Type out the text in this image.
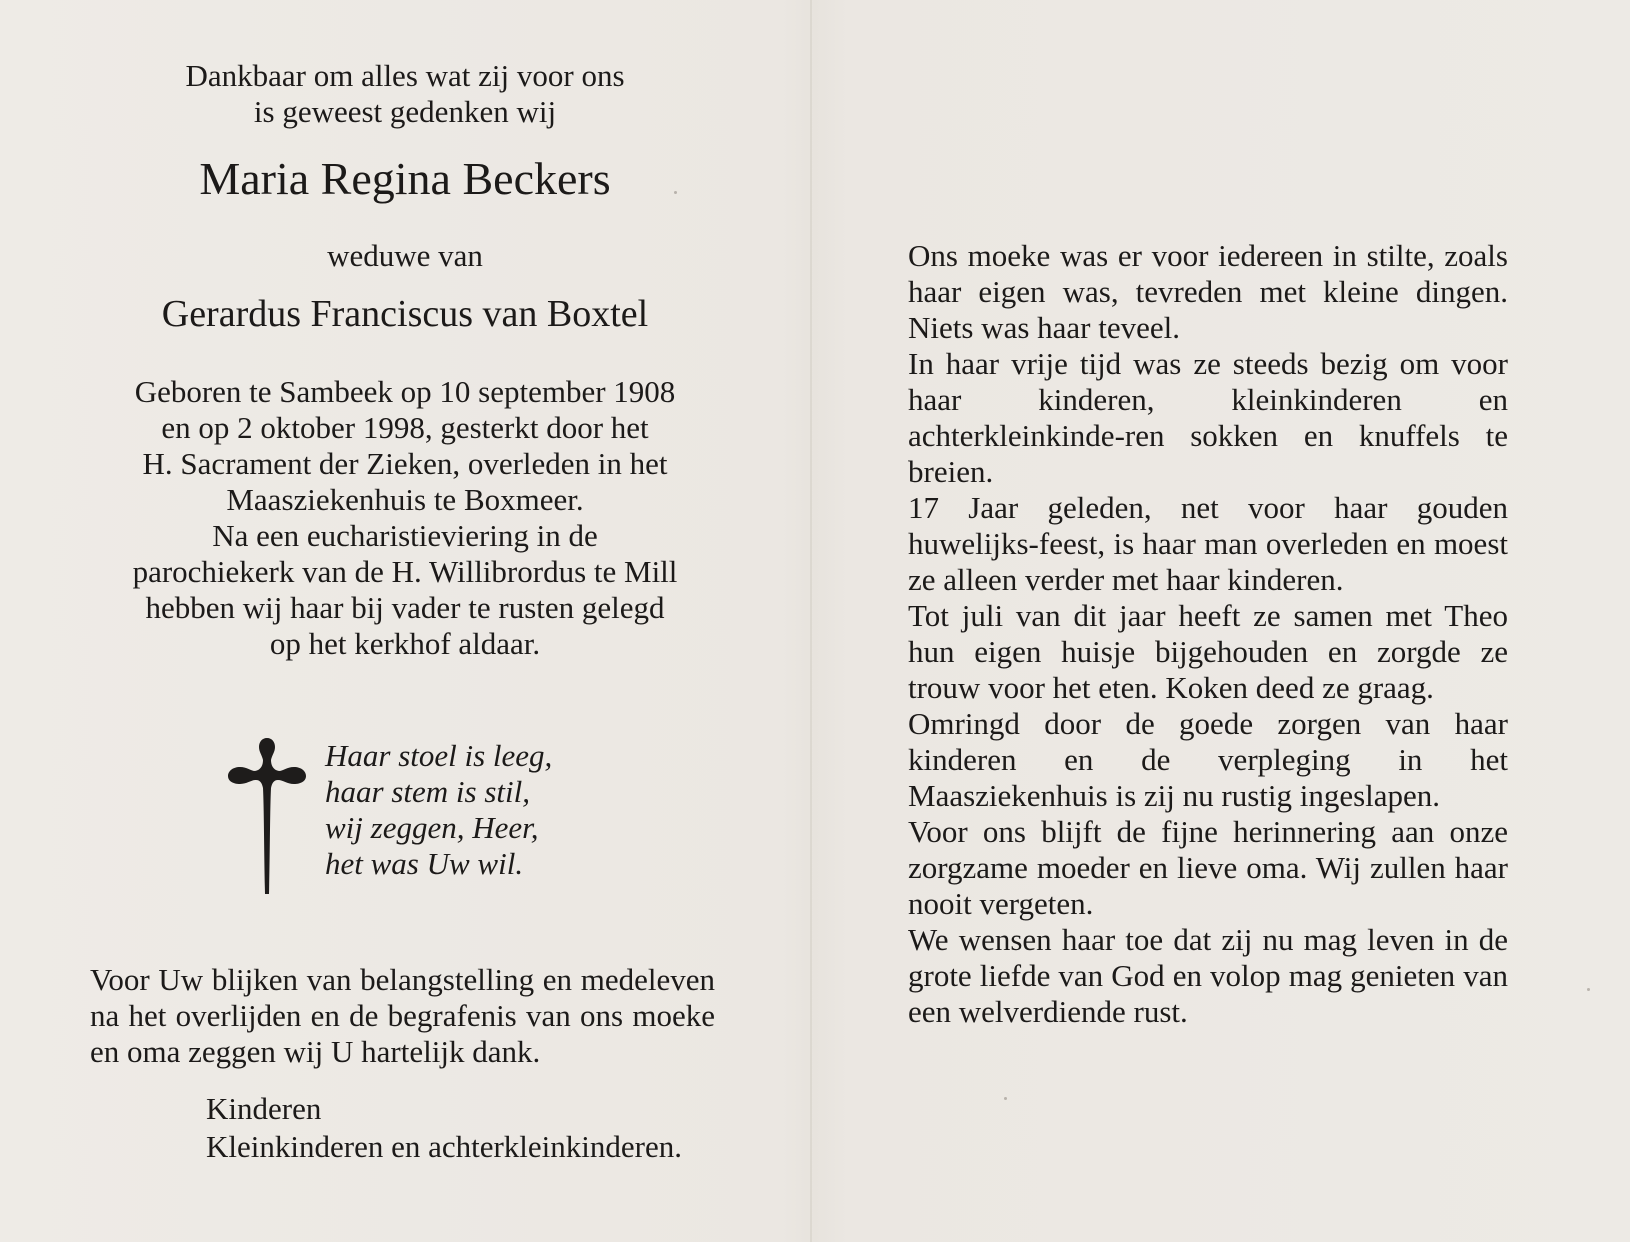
Dankbaar om alles wat zij voor ons
is geweest gedenken wij
Maria Regina Beckers
weduwe van
Gerardus Franciscus van Boxtel
Geboren te Sambeek op 10 september 1908
en op 2 oktober 1998, gesterkt door het
H. Sacrament der Zieken, overleden in het
Maasziekenhuis te Boxmeer.
Na een eucharistieviering in de
parochiekerk van de H. Willibrordus te Mill
hebben wij haar bij vader te rusten gelegd
op het kerkhof aldaar.
Haar stoel is leeg,
haar stem is stil,
wij zeggen, Heer,
het was Uw wil.
Voor Uw blijken van belangstelling en medeleven na het overlijden en de begrafenis van ons moeke en oma zeggen wij U hartelijk dank.
Kinderen
Kleinkinderen en achterkleinkinderen.

Ons moeke was er voor iedereen in stilte, zoals haar eigen was, tevreden met kleine dingen. Niets was haar teveel.

In haar vrije tijd was ze steeds bezig om voor haar kinderen, kleinkinderen en achterkleinkinde-ren sokken en knuffels te breien.

17 Jaar geleden, net voor haar gouden huwelijks-feest, is haar man overleden en moest ze alleen verder met haar kinderen.

Tot juli van dit jaar heeft ze samen met Theo hun eigen huisje bijgehouden en zorgde ze trouw voor het eten. Koken deed ze graag.

Omringd door de goede zorgen van haar kinderen en de verpleging in het Maasziekenhuis is zij nu rustig ingeslapen.

Voor ons blijft de fijne herinnering aan onze zorgzame moeder en lieve oma. Wij zullen haar nooit vergeten.

We wensen haar toe dat zij nu mag leven in de grote liefde van God en volop mag genieten van een welverdiende rust.
